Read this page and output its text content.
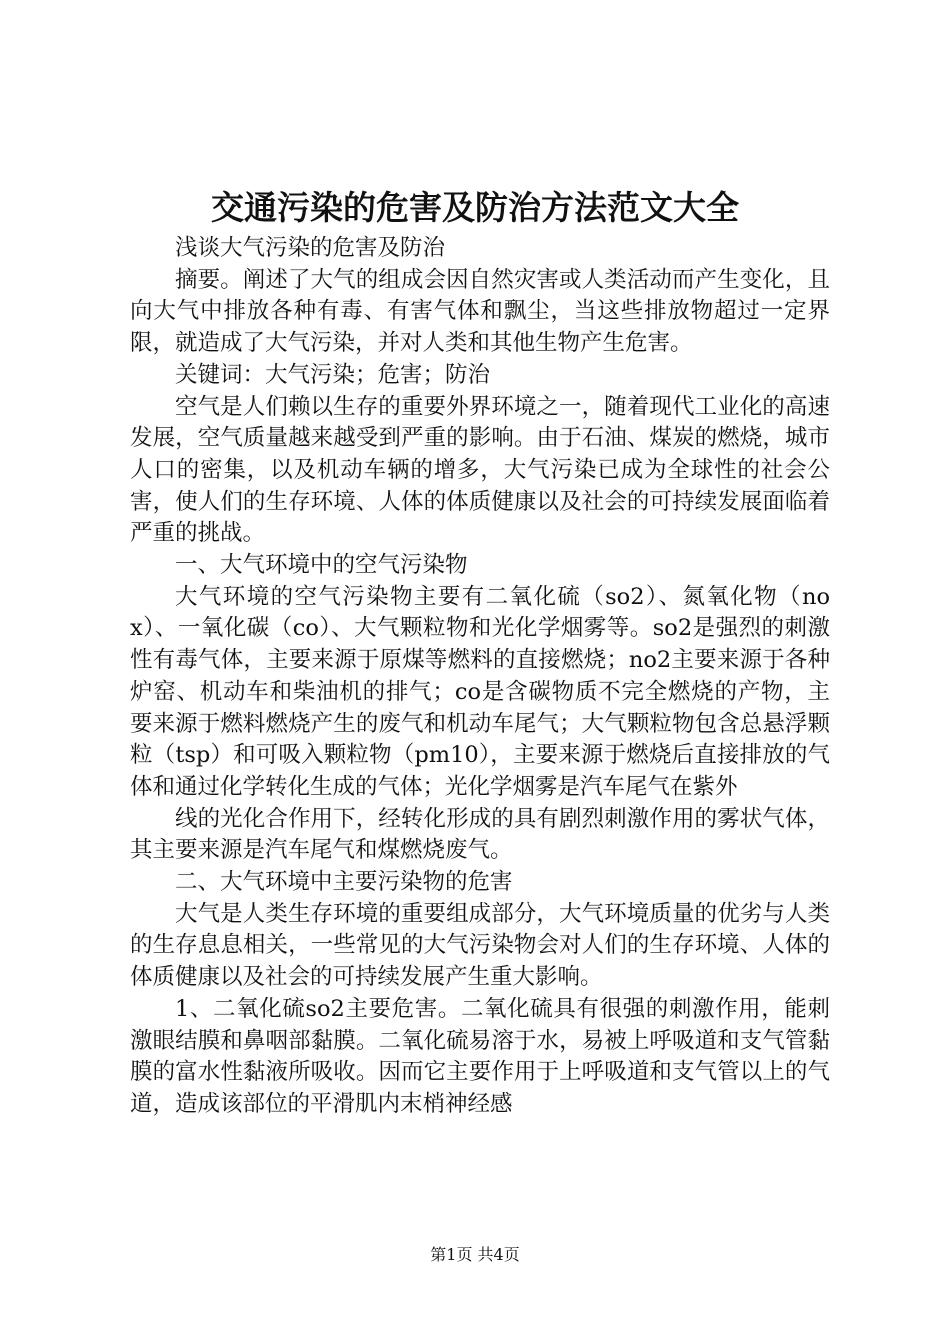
交通污染的危害及防治方法范文大全

浅谈大气污染的危害及防治

摘要。阐述了大气的组成会因自然灾害或人类活动而产生变化，且向大气中排放各种有毒、有害气体和飘尘，当这些排放物超过一定界限，就造成了大气污染，并对人类和其他生物产生危害。

关键词：大气污染；危害；防治

空气是人们赖以生存的重要外界环境之一，随着现代工业化的高速发展，空气质量越来越受到严重的影响。由于石油、煤炭的燃烧，城市人口的密集，以及机动车辆的增多，大气污染已成为全球性的社会公害，使人们的生存环境、人体的体质健康以及社会的可持续发展面临着严重的挑战。

一、大气环境中的空气污染物

大气环境的空气污染物主要有二氧化硫（so2）、氮氧化物（nox）、一氧化碳（co）、大气颗粒物和光化学烟雾等。so2是强烈的刺激性有毒气体，主要来源于原煤等燃料的直接燃烧；no2主要来源于各种炉窑、机动车和柴油机的排气；co是含碳物质不完全燃烧的产物，主要来源于燃料燃烧产生的废气和机动车尾气；大气颗粒物包含总悬浮颗粒（tsp）和可吸入颗粒物（pm10），主要来源于燃烧后直接排放的气体和通过化学转化生成的气体；光化学烟雾是汽车尾气在紫外

线的光化合作用下，经转化形成的具有剧烈刺激作用的雾状气体，其主要来源是汽车尾气和煤燃烧废气。

二、大气环境中主要污染物的危害

大气是人类生存环境的重要组成部分，大气环境质量的优劣与人类的生存息息相关，一些常见的大气污染物会对人们的生存环境、人体的体质健康以及社会的可持续发展产生重大影响。

1、二氧化硫so2主要危害。二氧化硫具有很强的刺激作用，能刺激眼结膜和鼻咽部黏膜。二氧化硫易溶于水，易被上呼吸道和支气管黏膜的富水性黏液所吸收。因而它主要作用于上呼吸道和支气管以上的气道，造成该部位的平滑肌内末梢神经感

第1页 共4页
